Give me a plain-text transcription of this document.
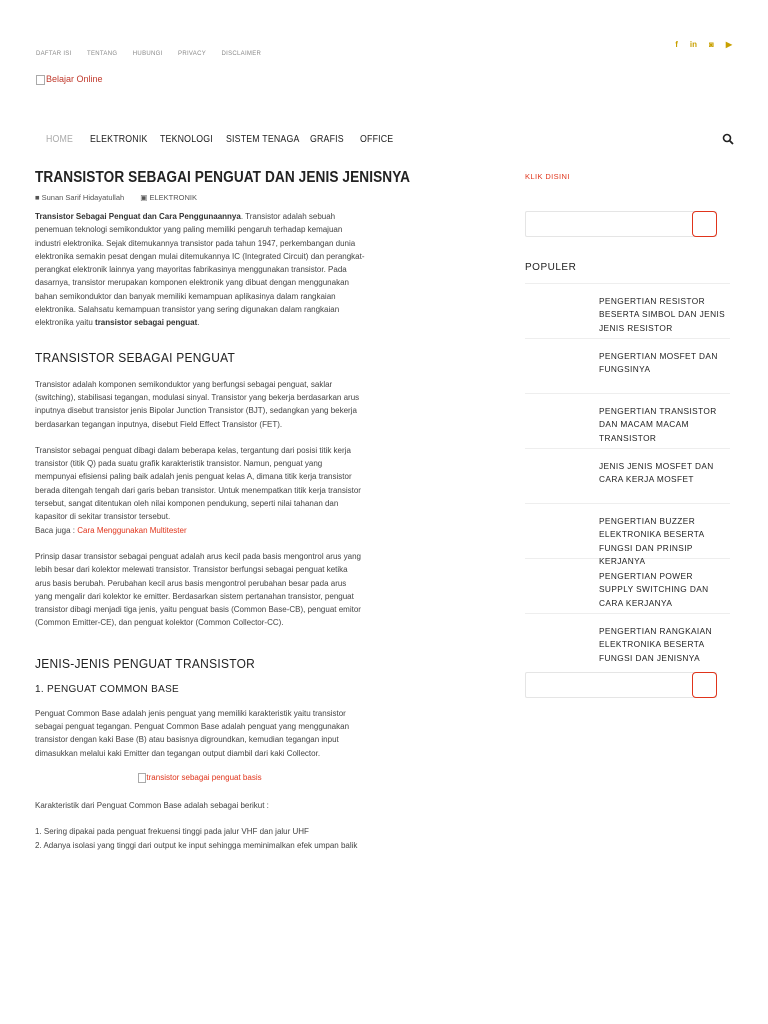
DAFTAR ISI	TENTANG	HUBUNGI	PRIVACY	DISCLAIMER
f in ◙ ▶
Belajar Online
HOME ELEKTRONIK TEKNOLOGI SISTEM TENAGA GRAFIS OFFICE
TRANSISTOR SEBAGAI PENGUAT DAN JENIS JENISNYA
■ Sunan Sarif Hidayatullah ▣ ELEKTRONIK

Transistor Sebagai Penguat dan Cara Penggunaannya. Transistor adalah sebuah penemuan teknologi semikonduktor yang paling memiliki pengaruh terhadap kemajuan industri elektronika. Sejak ditemukannya transistor pada tahun 1947, perkembangan dunia elektronika semakin pesat dengan mulai ditemukannya IC (Integrated Circuit) dan perangkat-perangkat elektronik lainnya yang mayoritas fabrikasinya menggunakan transistor. Pada dasarnya, transistor merupakan komponen elektronik yang dibuat dengan menggunakan bahan semikonduktor dan banyak memiliki kemampuan aplikasinya dalam rangkaian elektronika. Salahsatu kemampuan transistor yang sering digunakan dalam rangkaian elektronika yaitu transistor sebagai penguat.

TRANSISTOR SEBAGAI PENGUAT

Transistor adalah komponen semikonduktor yang berfungsi sebagai penguat, saklar (switching), stabilisasi tegangan, modulasi sinyal. Transistor yang bekerja berdasarkan arus inputnya disebut transistor jenis Bipolar Junction Transistor (BJT), sedangkan yang bekerja berdasarkan tegangan inputnya, disebut Field Effect Transistor (FET).

Transistor sebagai penguat dibagi dalam beberapa kelas, tergantung dari posisi titik kerja transistor (titik Q) pada suatu grafik karakteristik transistor. Namun, penguat yang mempunyai efisiensi paling baik adalah jenis penguat kelas A, dimana titik kerja transistor berada ditengah tengah dari garis beban transistor. Untuk menempatkan titik kerja transistor tersebut, sangat ditentukan oleh nilai komponen pendukung, seperti nilai tahanan dan kapasitor di sekitar transistor tersebut.
Baca juga : Cara Menggunakan Multitester

Prinsip dasar transistor sebagai penguat adalah arus kecil pada basis mengontrol arus yang lebih besar dari kolektor melewati transistor. Transistor berfungsi sebagai penguat ketika arus basis berubah. Perubahan kecil arus basis mengontrol perubahan besar pada arus yang mengalir dari kolektor ke emitter. Berdasarkan sistem pertanahan transistor, penguat transistor dibagi menjadi tiga jenis, yaitu penguat basis (Common Base-CB), penguat emitor (Common Emitter-CE), dan penguat kolektor (Common Collector-CC).

JENIS-JENIS PENGUAT TRANSISTOR
1. PENGUAT COMMON BASE

Penguat Common Base adalah jenis penguat yang memiliki karakteristik yaitu transistor sebagai penguat tegangan. Penguat Common Base adalah penguat yang menggunakan transistor dengan kaki Base (B) atau basisnya digroundkan, kemudian tegangan input dimasukkan melalui kaki Emitter dan tegangan output diambil dari kaki Collector.

transistor sebagai penguat basis

Karakteristik dari Penguat Common Base adalah sebagai berikut :

1. Sering dipakai pada penguat frekuensi tinggi pada jalur VHF dan jalur UHF
2. Adanya isolasi yang tinggi dari output ke input sehingga meminimalkan efek umpan balik

KLIK DISINI
POPULER
PENGERTIAN RESISTOR BESERTA SIMBOL DAN JENIS JENIS RESISTOR
PENGERTIAN MOSFET DAN FUNGSINYA
PENGERTIAN TRANSISTOR DAN MACAM MACAM TRANSISTOR
JENIS JENIS MOSFET DAN CARA KERJA MOSFET
PENGERTIAN BUZZER ELEKTRONIKA BESERTA FUNGSI DAN PRINSIP KERJANYA
PENGERTIAN POWER SUPPLY SWITCHING DAN CARA KERJANYA
PENGERTIAN RANGKAIAN ELEKTRONIKA BESERTA FUNGSI DAN JENISNYA
